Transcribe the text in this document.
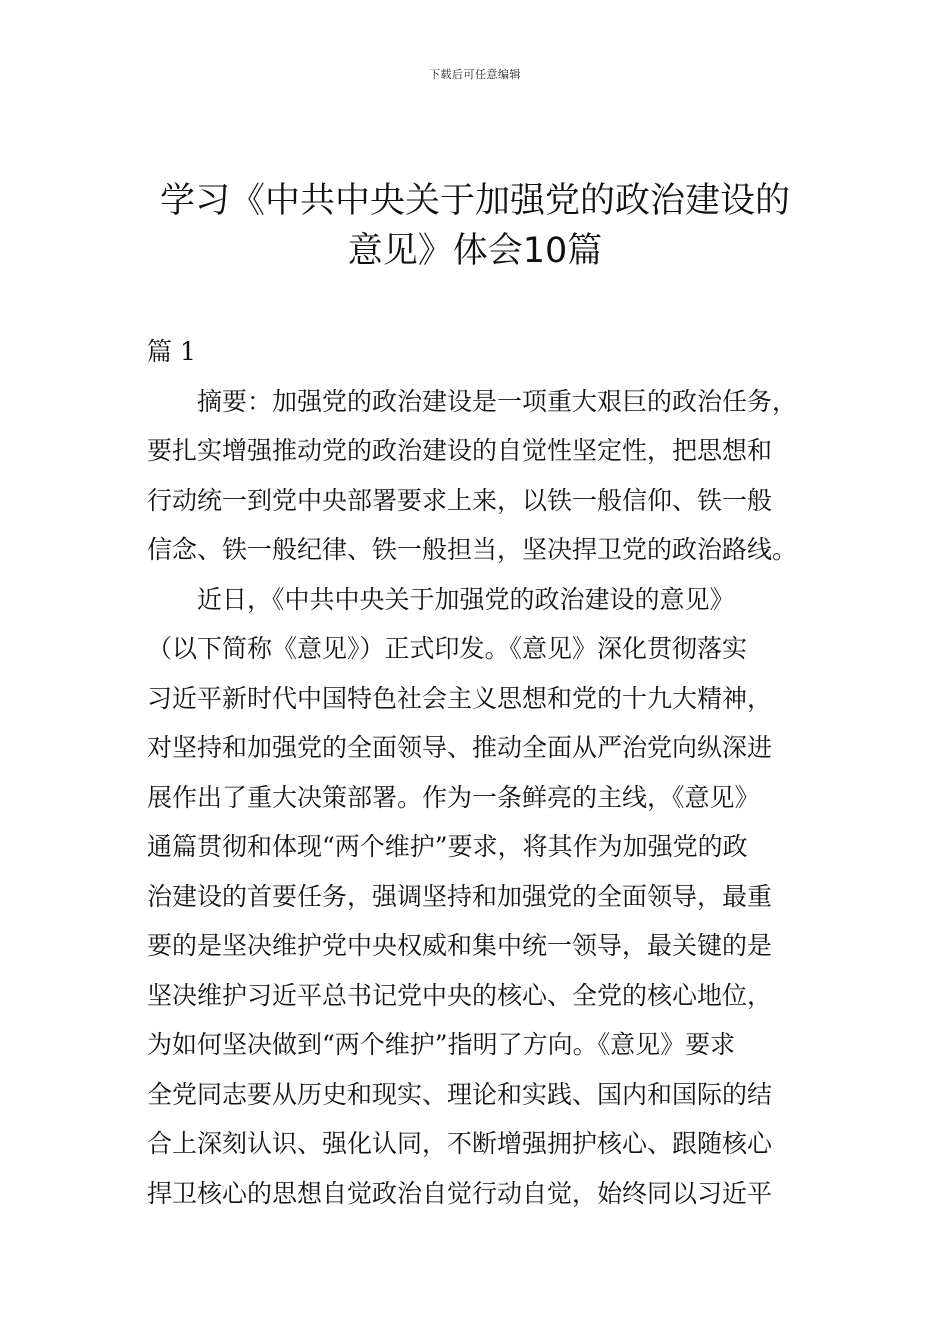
下载后可任意编辑
学习《中共中央关于加强党的政治建设的
意见》体会10篇

篇 1

摘要：加强党的政治建设是一项重大艰巨的政治任务，
要扎实增强推动党的政治建设的自觉性坚定性，把思想和
行动统一到党中央部署要求上来，以铁一般信仰、铁一般
信念、铁一般纪律、铁一般担当，坚决捍卫党的政治路线。

近日，《中共中央关于加强党的政治建设的意见》
（以下简称《意见》）正式印发。《意见》深化贯彻落实
习近平新时代中国特色社会主义思想和党的十九大精神，
对坚持和加强党的全面领导、推动全面从严治党向纵深进
展作出了重大决策部署。作为一条鲜亮的主线，《意见》
通篇贯彻和体现“两个维护”要求，将其作为加强党的政
治建设的首要任务，强调坚持和加强党的全面领导，最重
要的是坚决维护党中央权威和集中统一领导，最关键的是
坚决维护习近平总书记党中央的核心、全党的核心地位，
为如何坚决做到“两个维护”指明了方向。《意见》要求
全党同志要从历史和现实、理论和实践、国内和国际的结
合上深刻认识、强化认同，不断增强拥护核心、跟随核心
捍卫核心的思想自觉政治自觉行动自觉，始终同以习近平
